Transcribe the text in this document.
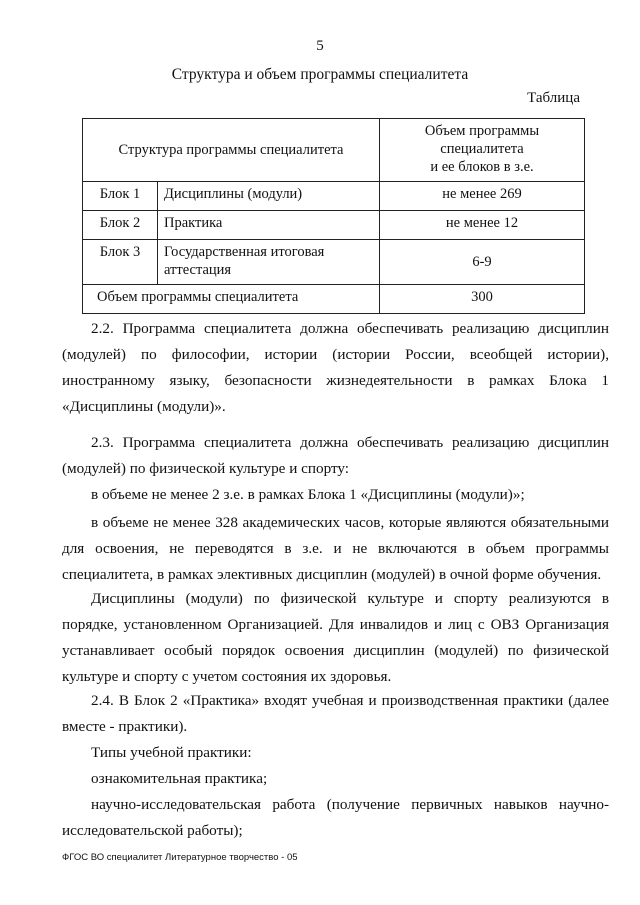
5
Структура и объем программы специалитета
Таблица
Структура программы специалитета		Объем программы
специалитета
и ее блоков в з.е.

Блок 1	Дисциплины (модули)	не менее 269
Блок 2	Практика	не менее 12
Блок 3	Государственная итоговая аттестация	6-9
Объем программы специалитета		300

2.2. Программа специалитета должна обеспечивать реализацию дисциплин (модулей) по философии, истории (истории России, всеобщей истории), иностранному языку, безопасности жизнедеятельности в рамках Блока 1 «Дисциплины (модули)».

2.3. Программа специалитета должна обеспечивать реализацию дисциплин (модулей) по физической культуре и спорту:

в объеме не менее 2 з.е. в рамках Блока 1 «Дисциплины (модули)»;

в объеме не менее 328 академических часов, которые являются обязательными для освоения, не переводятся в з.е. и не включаются в объем программы специалитета, в рамках элективных дисциплин (модулей) в очной форме обучения.

Дисциплины (модули) по физической культуре и спорту реализуются в порядке, установленном Организацией. Для инвалидов и лиц с ОВЗ Организация устанавливает особый порядок освоения дисциплин (модулей) по физической культуре и спорту с учетом состояния их здоровья.

2.4. В Блок 2 «Практика» входят учебная и производственная практики (далее вместе - практики).

Типы учебной практики:

ознакомительная практика;

научно-исследовательская работа (получение первичных навыков научно-исследовательской работы);

ФГОС ВО специалитет Литературное творчество - 05
